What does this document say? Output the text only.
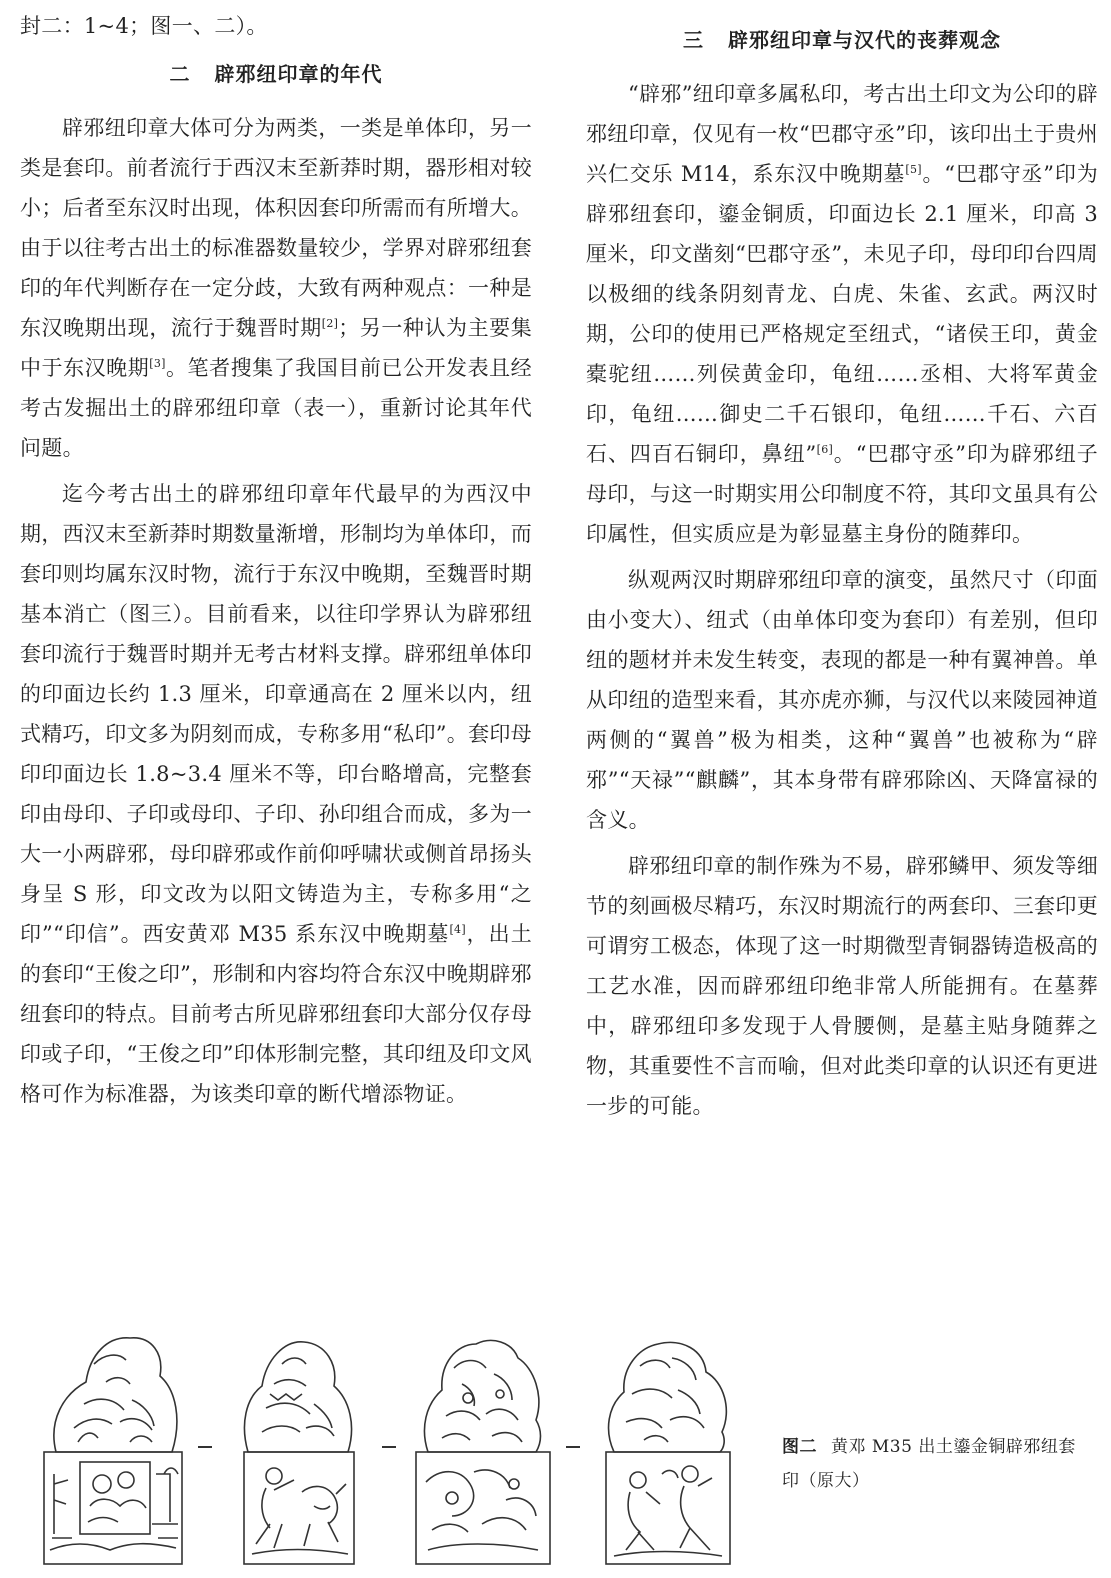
封二：1~4；图一、二）。

二 辟邪纽印章的年代

辟邪纽印章大体可分为两类，一类是单体印，另一类是套印。前者流行于西汉末至新莽时期，器形相对较小；后者至东汉时出现，体积因套印所需而有所增大。由于以往考古出土的标准器数量较少，学界对辟邪纽套印的年代判断存在一定分歧，大致有两种观点：一种是东汉晚期出现，流行于魏晋时期[2]；另一种认为主要集中于东汉晚期[3]。笔者搜集了我国目前已公开发表且经考古发掘出土的辟邪纽印章（表一），重新讨论其年代问题。

迄今考古出土的辟邪纽印章年代最早的为西汉中期，西汉末至新莽时期数量渐增，形制均为单体印，而套印则均属东汉时物，流行于东汉中晚期，至魏晋时期基本消亡（图三）。目前看来，以往印学界认为辟邪纽套印流行于魏晋时期并无考古材料支撑。辟邪纽单体印的印面边长约 1.3 厘米，印章通高在 2 厘米以内，纽式精巧，印文多为阴刻而成，专称多用“私印”。套印母印印面边长 1.8~3.4 厘米不等，印台略增高，完整套印由母印、子印或母印、子印、孙印组合而成，多为一大一小两辟邪，母印辟邪或作前仰呼啸状或侧首昂扬头身呈 S 形，印文改为以阳文铸造为主，专称多用“之印”“印信”。西安黄邓 M35 系东汉中晚期墓[4]，出土的套印“王俊之印”，形制和内容均符合东汉中晚期辟邪纽套印的特点。目前考古所见辟邪纽套印大部分仅存母印或子印，“王俊之印”印体形制完整，其印纽及印文风格可作为标准器，为该类印章的断代增添物证。

三 辟邪纽印章与汉代的丧葬观念

“辟邪”纽印章多属私印，考古出土印文为公印的辟邪纽印章，仅见有一枚“巴郡守丞”印，该印出土于贵州兴仁交乐 M14，系东汉中晚期墓[5]。“巴郡守丞”印为辟邪纽套印，鎏金铜质，印面边长 2.1 厘米，印高 3 厘米，印文凿刻“巴郡守丞”，未见子印，母印印台四周以极细的线条阴刻青龙、白虎、朱雀、玄武。两汉时期，公印的使用已严格规定至纽式，“诸侯王印，黄金橐驼纽……列侯黄金印，龟纽……丞相、大将军黄金印，龟纽……御史二千石银印，龟纽……千石、六百石、四百石铜印，鼻纽”[6]。“巴郡守丞”印为辟邪纽子母印，与这一时期实用公印制度不符，其印文虽具有公印属性，但实质应是为彰显墓主身份的随葬印。

纵观两汉时期辟邪纽印章的演变，虽然尺寸（印面由小变大）、纽式（由单体印变为套印）有差别，但印纽的题材并未发生转变，表现的都是一种有翼神兽。单从印纽的造型来看，其亦虎亦狮，与汉代以来陵园神道两侧的“翼兽”极为相类，这种“翼兽”也被称为“辟邪”“天禄”“麒麟”，其本身带有辟邪除凶、天降富禄的含义。

辟邪纽印章的制作殊为不易，辟邪鳞甲、须发等细节的刻画极尽精巧，东汉时期流行的两套印、三套印更可谓穷工极态，体现了这一时期微型青铜器铸造极高的工艺水准，因而辟邪纽印绝非常人所能拥有。在墓葬中，辟邪纽印多发现于人骨腰侧，是墓主贴身随葬之物，其重要性不言而喻，但对此类印章的认识还有更进一步的可能。

图二 黄邓 M35 出土鎏金铜辟邪纽套印（原大）
